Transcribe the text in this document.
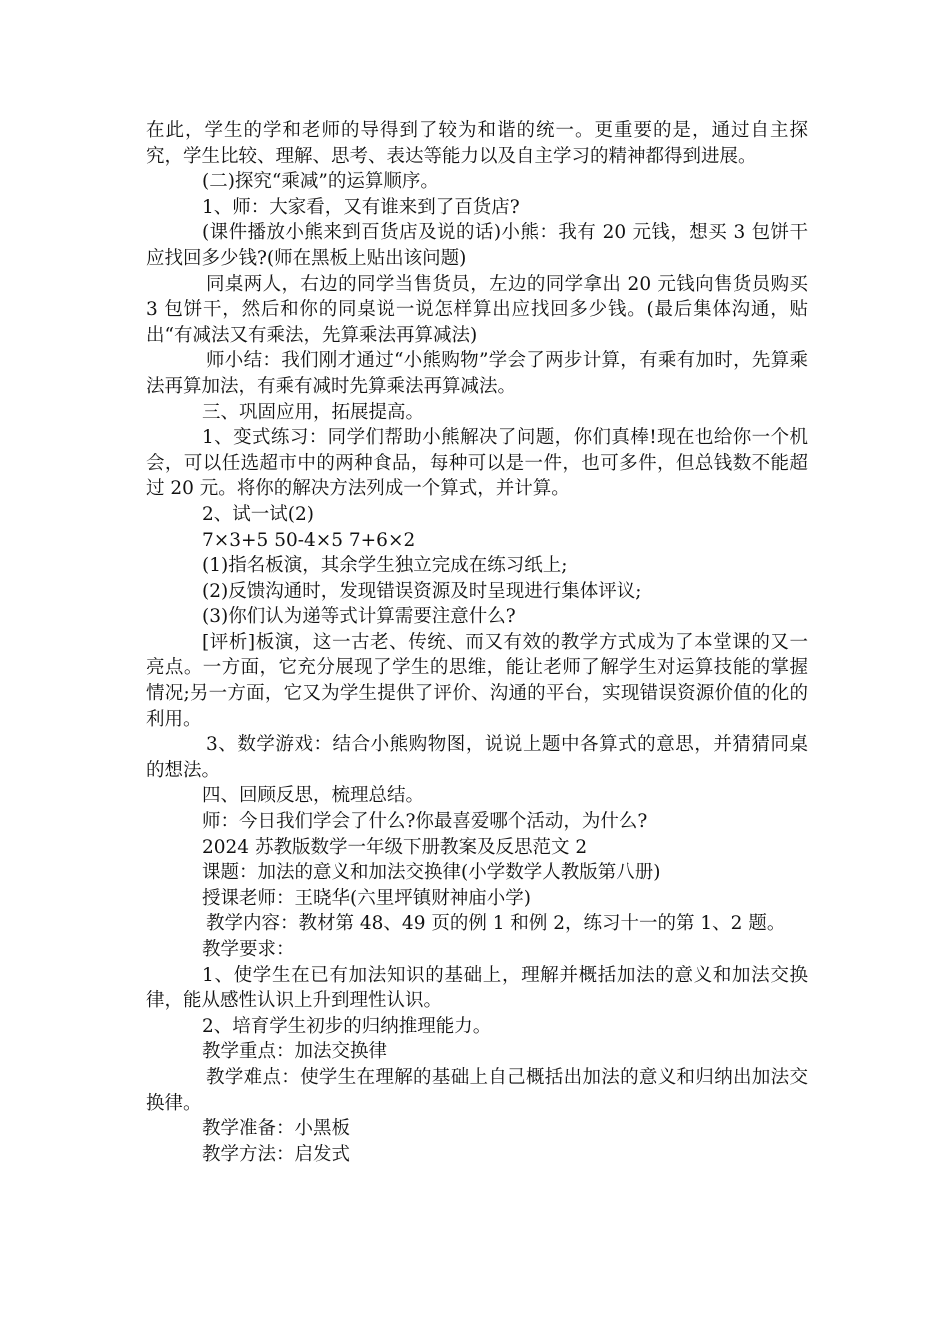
在此，学生的学和老师的导得到了较为和谐的统一。更重要的是，通过自主探究，学生比较、理解、思考、表达等能力以及自主学习的精神都得到进展。

(二)探究“乘减”的运算顺序。

1、师：大家看，又有谁来到了百货店?

(课件播放小熊来到百货店及说的话)小熊：我有 20 元钱，想买 3 包饼干应找回多少钱?(师在黑板上贴出该问题)

同桌两人，右边的同学当售货员，左边的同学拿出 20 元钱向售货员购买 3 包饼干，然后和你的同桌说一说怎样算出应找回多少钱。(最后集体沟通，贴出“有减法又有乘法，先算乘法再算减法)

师小结：我们刚才通过“小熊购物”学会了两步计算，有乘有加时，先算乘法再算加法，有乘有减时先算乘法再算减法。

三、巩固应用，拓展提高。

1、变式练习：同学们帮助小熊解决了问题，你们真棒!现在也给你一个机会，可以任选超市中的两种食品，每种可以是一件，也可多件，但总钱数不能超过 20 元。将你的解决方法列成一个算式，并计算。

2、试一试(2)

7×3+5 50-4×5 7+6×2

(1)指名板演，其余学生独立完成在练习纸上;

(2)反馈沟通时，发现错误资源及时呈现进行集体评议;

(3)你们认为递等式计算需要注意什么?

[评析]板演，这一古老、传统、而又有效的教学方式成为了本堂课的又一亮点。一方面，它充分展现了学生的思维，能让老师了解学生对运算技能的掌握情况;另一方面，它又为学生提供了评价、沟通的平台，实现错误资源价值的化的利用。

3、数学游戏：结合小熊购物图，说说上题中各算式的意思，并猜猜同桌的想法。

四、回顾反思，梳理总结。

师：今日我们学会了什么?你最喜爱哪个活动，为什么?

2024 苏教版数学一年级下册教案及反思范文 2

课题：加法的意义和加法交换律(小学数学人教版第八册)

授课老师：王晓华(六里坪镇财神庙小学)

教学内容：教材第 48、49 页的例 1 和例 2，练习十一的第 1、2 题。

教学要求：

1、使学生在已有加法知识的基础上，理解并概括加法的意义和加法交换律，能从感性认识上升到理性认识。

2、培育学生初步的归纳推理能力。

教学重点：加法交换律

教学难点：使学生在理解的基础上自己概括出加法的意义和归纳出加法交换律。

教学准备：小黑板

教学方法：启发式
